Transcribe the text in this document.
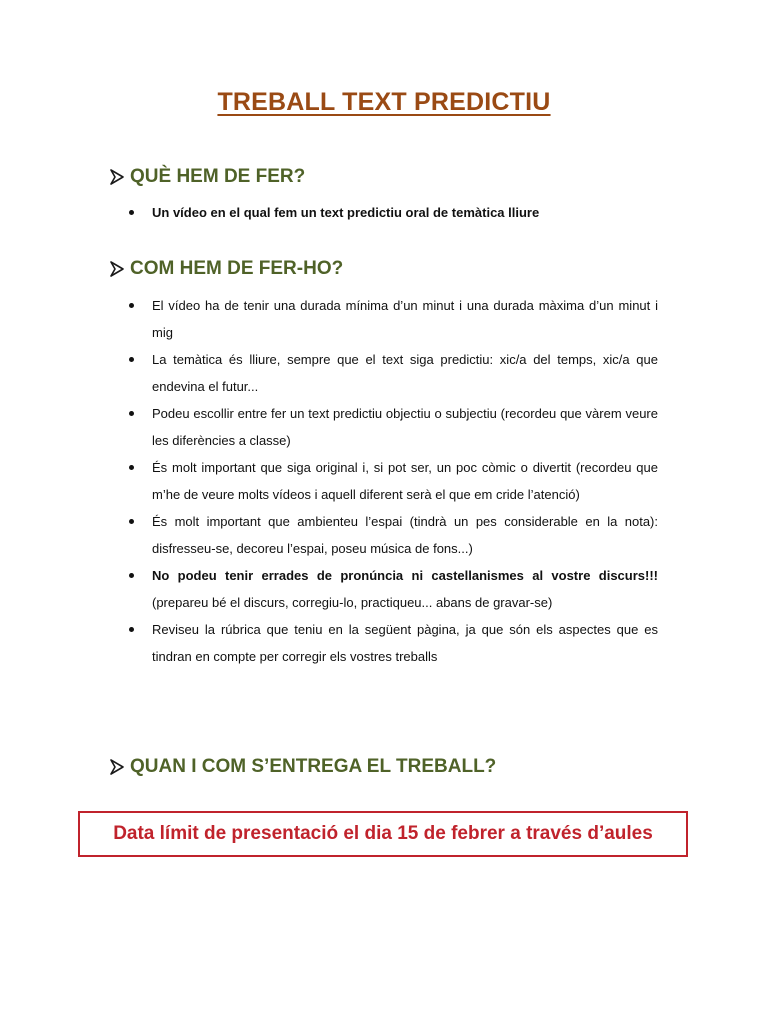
TREBALL TEXT PREDICTIU
QUÈ HEM DE FER?
Un vídeo en el qual fem un text predictiu oral de temàtica lliure
COM HEM DE FER-HO?
El vídeo ha de tenir una durada mínima d’un minut i una durada màxima d’un minut i mig
La temàtica és lliure, sempre que el text siga predictiu: xic/a del temps, xic/a que endevina el futur...
Podeu escollir entre fer un text predictiu objectiu o subjectiu (recordeu que vàrem veure les diferències a classe)
És molt important que siga original i, si pot ser, un poc còmic o divertit (recordeu que m’he de veure molts vídeos i aquell diferent serà el que em cride l’atenció)
És molt important que ambienteu l’espai (tindrà un pes considerable en la nota): disfresseu-se, decoreu l’espai, poseu música de fons...)
No podeu tenir errades de pronúncia ni castellanismes al vostre discurs!!! (prepareu bé el discurs, corregiu-lo, practiqueu... abans de gravar-se)
Reviseu la rúbrica que teniu en la següent pàgina, ja que són els aspectes que es tindran en compte per corregir els vostres treballs
QUAN I COM S’ENTREGA EL TREBALL?
Data límit de presentació el dia 15 de febrer a través d’aules
